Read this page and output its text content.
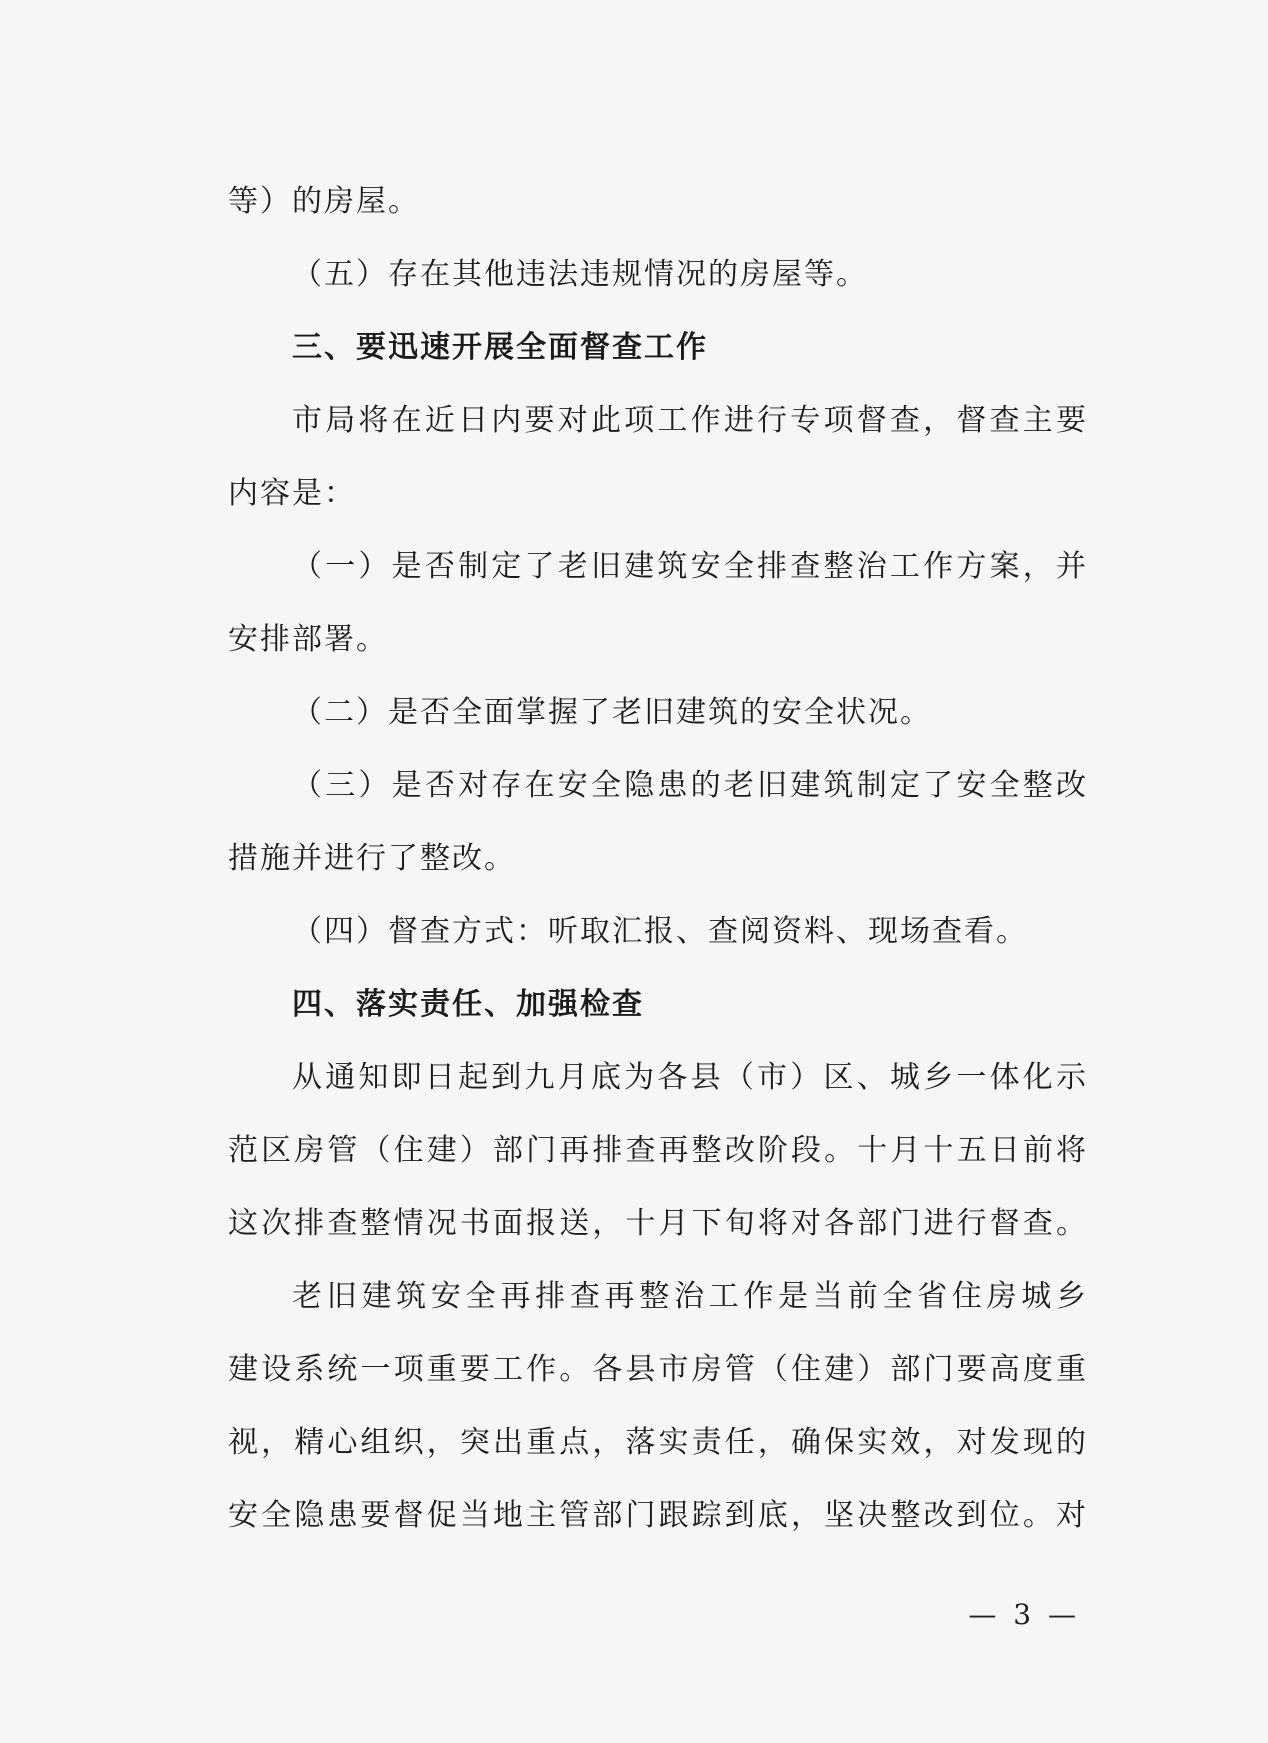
等）的房屋。
（五）存在其他违法违规情况的房屋等。
三、要迅速开展全面督查工作
市局将在近日内要对此项工作进行专项督查，督查主要
内容是：
（一）是否制定了老旧建筑安全排查整治工作方案，并
安排部署。
（二）是否全面掌握了老旧建筑的安全状况。
（三）是否对存在安全隐患的老旧建筑制定了安全整改
措施并进行了整改。
（四）督查方式：听取汇报、查阅资料、现场查看。
四、落实责任、加强检查
从通知即日起到九月底为各县（市）区、城乡一体化示
范区房管（住建）部门再排查再整改阶段。十月十五日前将
这次排查整情况书面报送，十月下旬将对各部门进行督查。
老旧建筑安全再排查再整治工作是当前全省住房城乡
建设系统一项重要工作。各县市房管（住建）部门要高度重
视，精心组织，突出重点，落实责任，确保实效，对发现的
安全隐患要督促当地主管部门跟踪到底，坚决整改到位。对
— 3 —
